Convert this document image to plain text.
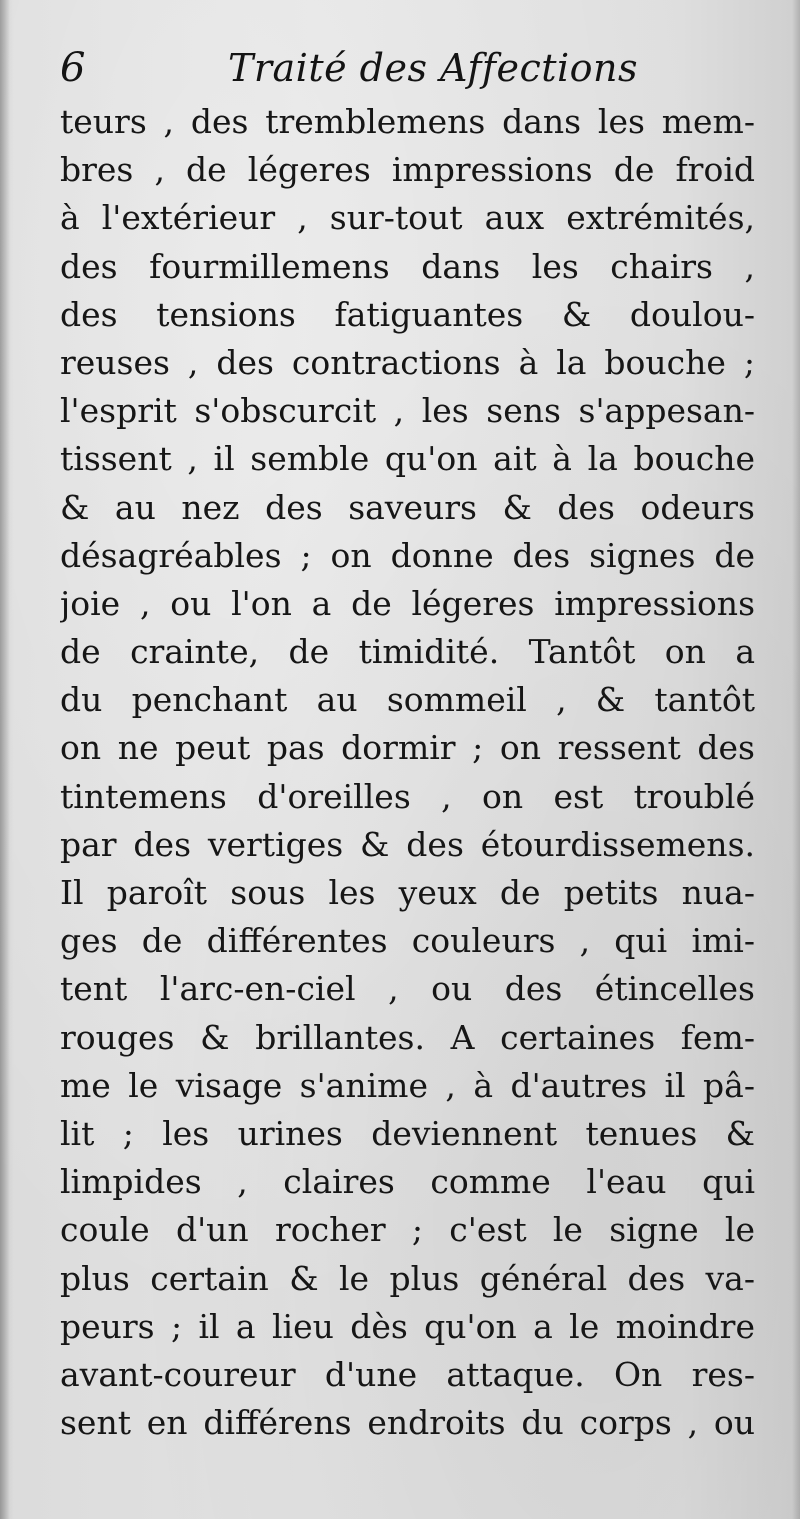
6	Traité des Affections
teurs , des tremblemens dans les mem-
bres , de légeres impressions de froid
à l'extérieur , sur-tout aux extrémités,
des fourmillemens dans les chairs ,
des tensions fatiguantes & doulou-
reuses , des contractions à la bouche ;
l'esprit s'obscurcit , les sens s'appesan-
tissent , il semble qu'on ait à la bouche
& au nez des saveurs & des odeurs
désagréables ; on donne des signes de
joie , ou l'on a de légeres impressions
de crainte, de timidité. Tantôt on a
du penchant au sommeil , & tantôt
on ne peut pas dormir ; on ressent des
tintemens d'oreilles , on est troublé
par des vertiges & des étourdissemens.
Il paroît sous les yeux de petits nua-
ges de différentes couleurs , qui imi-
tent l'arc-en-ciel , ou des étincelles
rouges & brillantes. A certaines fem-
me le visage s'anime , à d'autres il pâ-
lit ; les urines deviennent tenues &
limpides , claires comme l'eau qui
coule d'un rocher ; c'est le signe le
plus certain & le plus général des va-
peurs ; il a lieu dès qu'on a le moindre
avant-coureur d'une attaque. On res-
sent en différens endroits du corps , ou
